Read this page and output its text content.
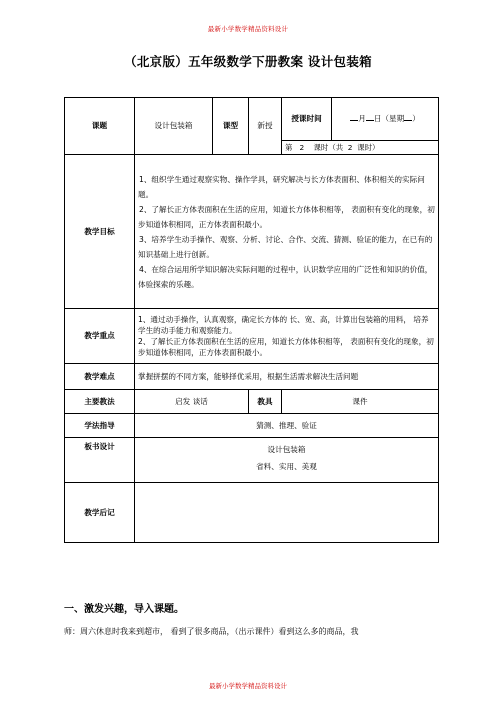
最新小学数学精品资料设计
（北京版）五年级数学下册教案 设计包装箱
课题	设计包装箱	课型	新授	授课时间	月 日（星期 ）
				第   2    课时（共  2  课时）	
教学目标	1、组织学生通过观察实物、操作学具，研究解决与长方体表面积、体积相关的实际问题。

2、了解长正方体表面积在生活的应用，知道长方体体积相等， 表面积有变化的现象，初步知道体积相同，正方体表面积最小。

3、培养学生动手操作、观察、分析、讨论、合作、交流、猜测、验证的能力，在已有的知识基础上进行创新。

4、在综合运用所学知识解决实际问题的过程中，认识数学应用的广泛性和知识的价值，体验探索的乐趣。				

教学重点	1、通过动手操作，认真观察，确定长方体的 长、宽、高，计算出包装箱的用料， 培养学生的动手能力和观察能力。

2、了解长正方体表面积在生活的应用，知道长方体体积相等， 表面积有变化的现象，初步知道体积相同，正方体表面积最小。				

教学难点	掌握拼摆的不同方案，能够择优采用，根据生活需求解决生活问题				
主要教法	启发 谈话		教具	课件	
学法指导	猜测、推理、验证				
板书设计	设计包装箱
省料、实用、美观				

教学后记					
一、激发兴趣，导入课题。
师：周六休息时我来到超市， 看到了很多商品，（出示课件）看到这么多的商品，我
最新小学数学精品资料设计
